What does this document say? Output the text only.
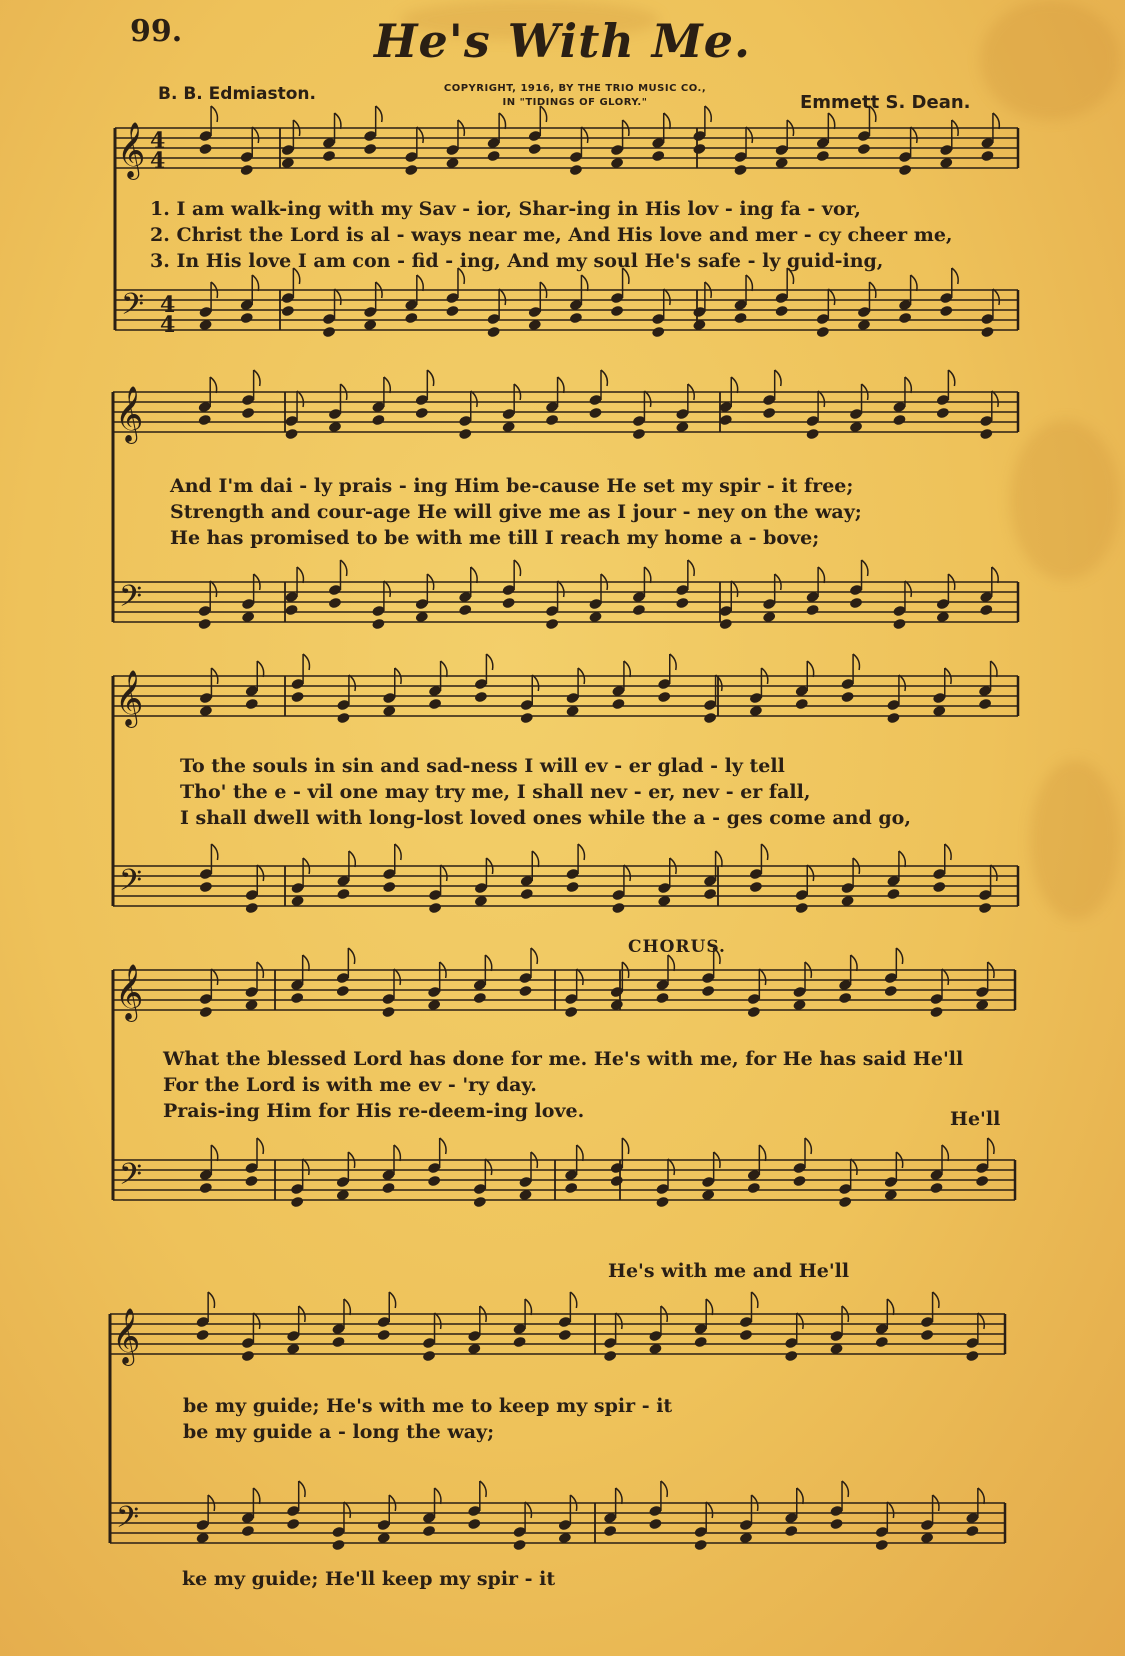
99.	He's With Me.
B. B. Edmiaston.	COPYRIGHT, 1916, BY THE TRIO MUSIC CO.,
IN "TIDINGS OF GLORY."	Emmett S. Dean.
𝄞
𝄢
𝄞
𝄢
𝄞
𝄢
𝄞
𝄢
𝄞
𝄢
4
4
4
4
1. I am walk-ing with my Sav - ior, Shar-ing in His lov - ing fa - vor,
2. Christ the Lord is al - ways near me, And His love and mer - cy cheer me,
3. In His love I am con - fid - ing, And my soul He's safe - ly guid-ing,
And I'm dai - ly prais - ing Him be-cause He set my spir - it free;
Strength and cour-age He will give me as I jour - ney on the way;
He has promised to be with me till I reach my home a - bove;
To the souls in sin and sad-ness I will ev - er glad - ly tell
Tho' the e - vil one may try me, I shall nev - er, nev - er fall,
I shall dwell with long-lost loved ones while the a - ges come and go,
CHORUS.
What the blessed Lord has done for me. He's with me, for He has said He'll
For the Lord is with me ev - 'ry day.
Prais-ing Him for His re-deem-ing love.	He'll
He's with me and He'll
be my guide; He's with me to keep my spir - it
be my guide a - long the way;
ke my guide; He'll keep my spir - it
